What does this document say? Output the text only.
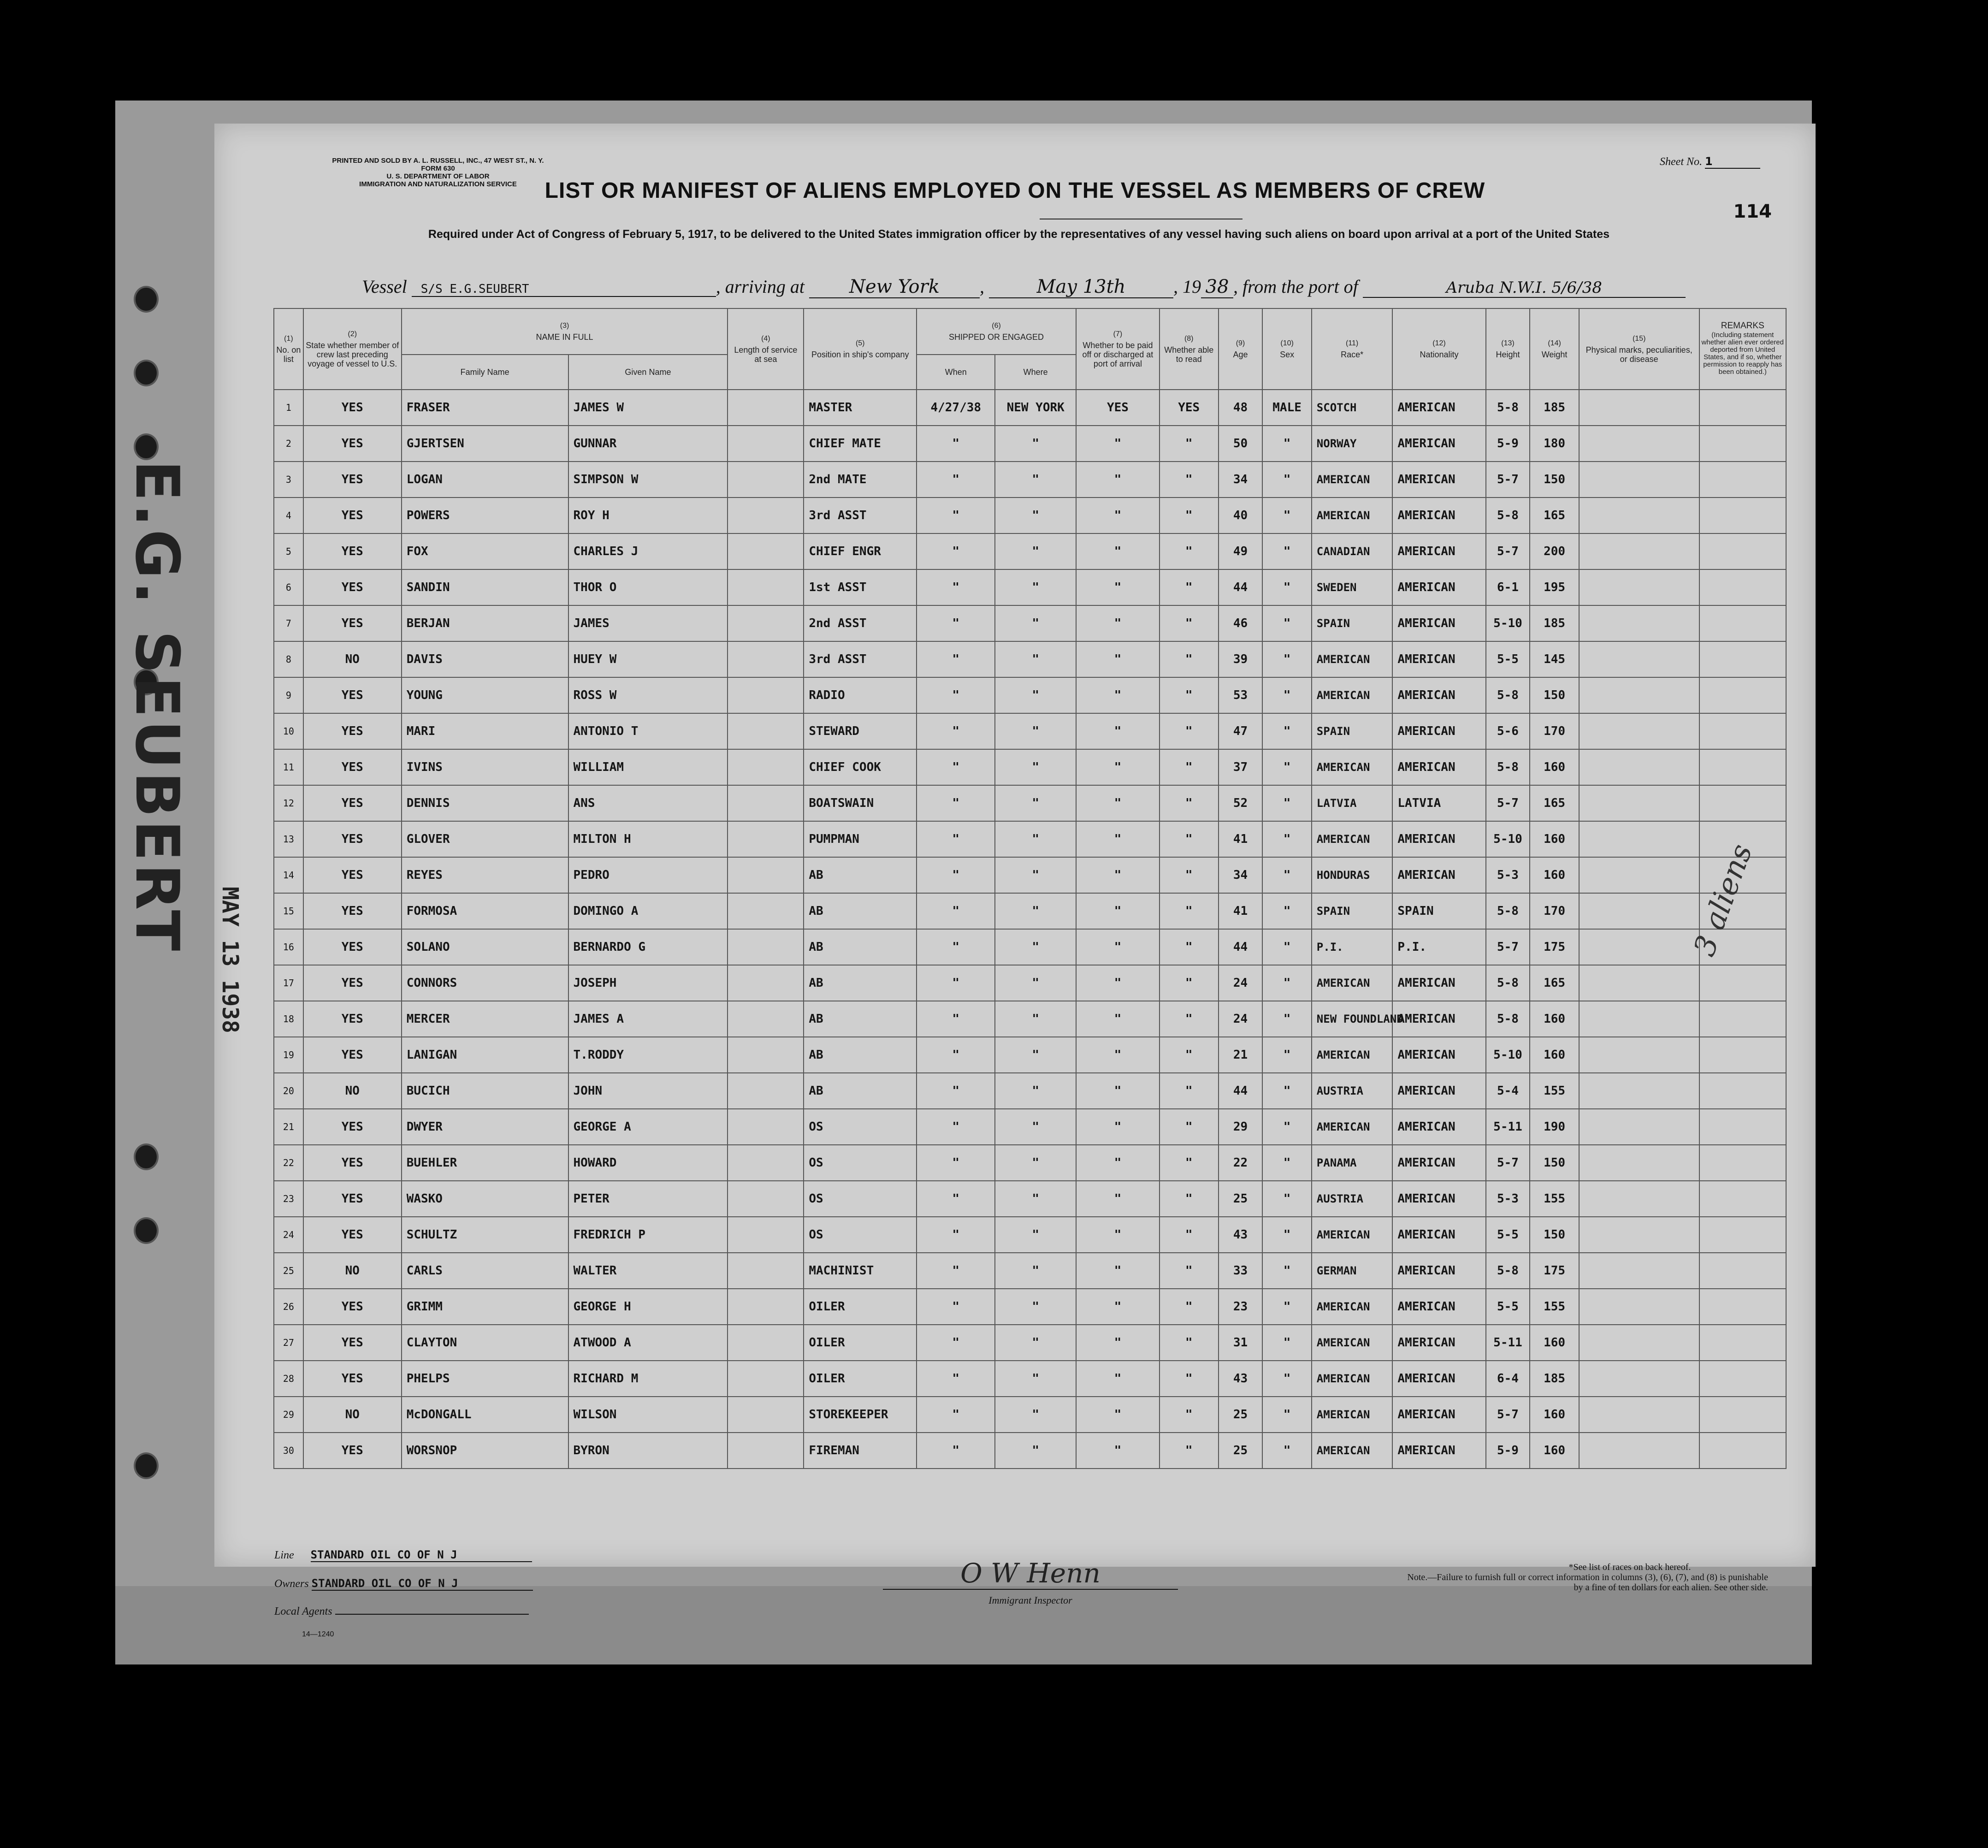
PRINTED AND SOLD BY A. L. RUSSELL, INC., 47 WEST ST., N. Y.
FORM 630
U. S. DEPARTMENT OF LABOR
IMMIGRATION AND NATURALIZATION SERVICE
Sheet No. 1
114
LIST OR MANIFEST OF ALIENS EMPLOYED ON THE VESSEL AS MEMBERS OF CREW
Required under Act of Congress of February 5, 1917, to be delivered to the United States immigration officer by the representatives of any vessel having such aliens on board upon arrival at a port of the United States
Vessel S/S E.G.SEUBERT	, arriving at New York ,	May 13th	, 19 38 , from the port of	Aruba N.W.I. 5/6/38
E.G. SEUBERT
MAY 13 1938
(1)
No. on list	(2)
State whether member of crew last preceding voyage of vessel to U.S.	(3)
NAME IN FULL		(4)
Length of service at sea	(5)
Position in ship's company	(6)
SHIPPED OR ENGAGED		(7)
Whether to be paid off or discharged at port of arrival	(8)
Whether able to read	(9)
Age	(10)
Sex	(11)
Race*	(12)
Nationality	(13)
Height	(14)
Weight	(15)
Physical marks, peculiarities, or disease	REMARKS
(Including statement whether alien ever ordered deported from United States, and if so, whether permission to reapply has been obtained.)
		Family Name	Given Name			When	Where										
1	YES	FRASER	JAMES W		MASTER	4/27/38	NEW YORK	YES	YES	48	MALE	SCOTCH	AMERICAN	5-8	185		
2	YES	GJERTSEN	GUNNAR		CHIEF MATE	"	"	"	"	50	"	NORWAY	AMERICAN	5-9	180		
3	YES	LOGAN	SIMPSON W		2nd MATE	"	"	"	"	34	"	AMERICAN	AMERICAN	5-7	150		
4	YES	POWERS	ROY H		3rd ASST	"	"	"	"	40	"	AMERICAN	AMERICAN	5-8	165		
5	YES	FOX	CHARLES J		CHIEF ENGR	"	"	"	"	49	"	CANADIAN	AMERICAN	5-7	200		
6	YES	SANDIN	THOR O		1st ASST	"	"	"	"	44	"	SWEDEN	AMERICAN	6-1	195		
7	YES	BERJAN	JAMES		2nd ASST	"	"	"	"	46	"	SPAIN	AMERICAN	5-10	185		
8	NO	DAVIS	HUEY W		3rd ASST	"	"	"	"	39	"	AMERICAN	AMERICAN	5-5	145		
9	YES	YOUNG	ROSS W		RADIO	"	"	"	"	53	"	AMERICAN	AMERICAN	5-8	150		
10	YES	MARI	ANTONIO T		STEWARD	"	"	"	"	47	"	SPAIN	AMERICAN	5-6	170		
11	YES	IVINS	WILLIAM		CHIEF COOK	"	"	"	"	37	"	AMERICAN	AMERICAN	5-8	160		
12	YES	DENNIS	ANS		BOATSWAIN	"	"	"	"	52	"	LATVIA	LATVIA	5-7	165		
13	YES	GLOVER	MILTON H		PUMPMAN	"	"	"	"	41	"	AMERICAN	AMERICAN	5-10	160		
14	YES	REYES	PEDRO		AB	"	"	"	"	34	"	HONDURAS	AMERICAN	5-3	160		
15	YES	FORMOSA	DOMINGO A		AB	"	"	"	"	41	"	SPAIN	SPAIN	5-8	170		
16	YES	SOLANO	BERNARDO G		AB	"	"	"	"	44	"	P.I.	P.I.	5-7	175		
17	YES	CONNORS	JOSEPH		AB	"	"	"	"	24	"	AMERICAN	AMERICAN	5-8	165		
18	YES	MERCER	JAMES A		AB	"	"	"	"	24	"	NEW FOUNDLAND	AMERICAN	5-8	160		
19	YES	LANIGAN	T.RODDY		AB	"	"	"	"	21	"	AMERICAN	AMERICAN	5-10	160		
20	NO	BUCICH	JOHN		AB	"	"	"	"	44	"	AUSTRIA	AMERICAN	5-4	155		
21	YES	DWYER	GEORGE A		OS	"	"	"	"	29	"	AMERICAN	AMERICAN	5-11	190		
22	YES	BUEHLER	HOWARD		OS	"	"	"	"	22	"	PANAMA	AMERICAN	5-7	150		
23	YES	WASKO	PETER		OS	"	"	"	"	25	"	AUSTRIA	AMERICAN	5-3	155		
24	YES	SCHULTZ	FREDRICH P		OS	"	"	"	"	43	"	AMERICAN	AMERICAN	5-5	150		
25	NO	CARLS	WALTER		MACHINIST	"	"	"	"	33	"	GERMAN	AMERICAN	5-8	175		
26	YES	GRIMM	GEORGE H		OILER	"	"	"	"	23	"	AMERICAN	AMERICAN	5-5	155		
27	YES	CLAYTON	ATWOOD A		OILER	"	"	"	"	31	"	AMERICAN	AMERICAN	5-11	160		
28	YES	PHELPS	RICHARD M		OILER	"	"	"	"	43	"	AMERICAN	AMERICAN	6-4	185		
29	NO	McDONGALL	WILSON		STOREKEEPER	"	"	"	"	25	"	AMERICAN	AMERICAN	5-7	160		
30	YES	WORSNOP	BYRON		FIREMAN	"	"	"	"	25	"	AMERICAN	AMERICAN	5-9	160		
3 aliens
Line STANDARD OIL CO OF N J
Owners STANDARD OIL CO OF N J
Local Agents
O W Henn
Immigrant Inspector
*See list of races on back hereof.
Note.—Failure to furnish full or correct information in columns (3), (6), (7), and (8) is punishable by a fine of ten dollars for each alien. See other side.
14—1240
